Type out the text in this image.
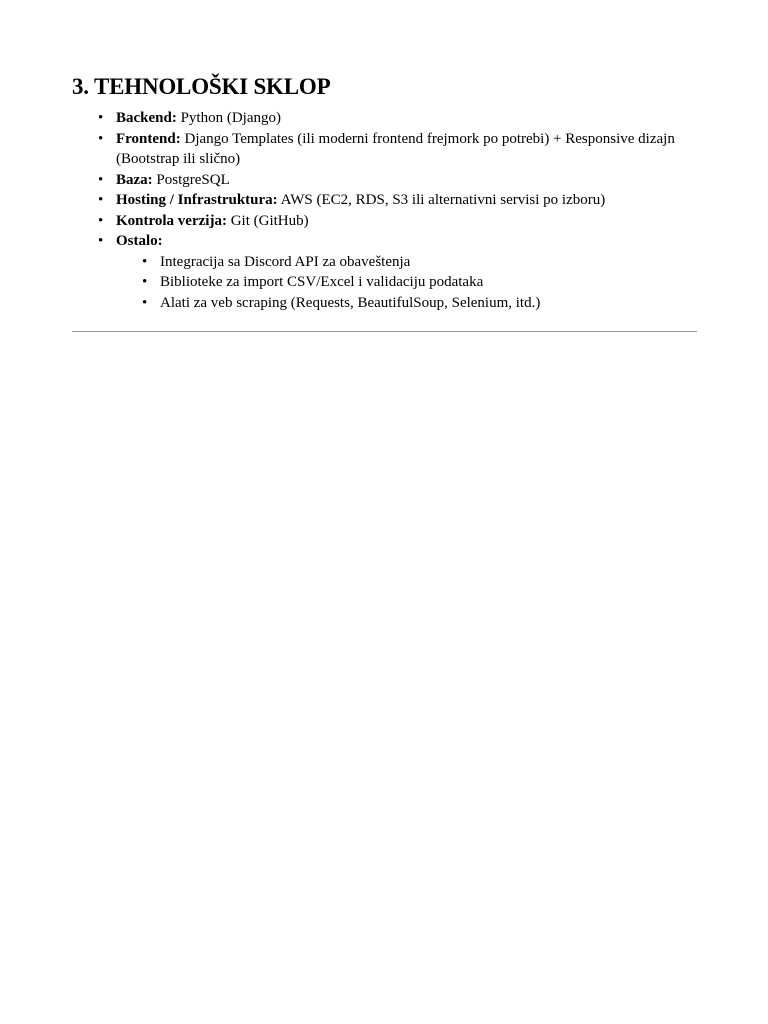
3. TEHNOLOŠKI SKLOP
• Backend: Python (Django)
• Frontend: Django Templates (ili moderni frontend frejmork po potrebi) + Responsive dizajn (Bootstrap ili slično)
• Baza: PostgreSQL
• Hosting / Infrastruktura: AWS (EC2, RDS, S3 ili alternativni servisi po izboru)
• Kontrola verzija: Git (GitHub)
• Ostalo:
• Integracija sa Discord API za obaveštenja
• Biblioteke za import CSV/Excel i validaciju podataka
• Alati za veb scraping (Requests, BeautifulSoup, Selenium, itd.)
